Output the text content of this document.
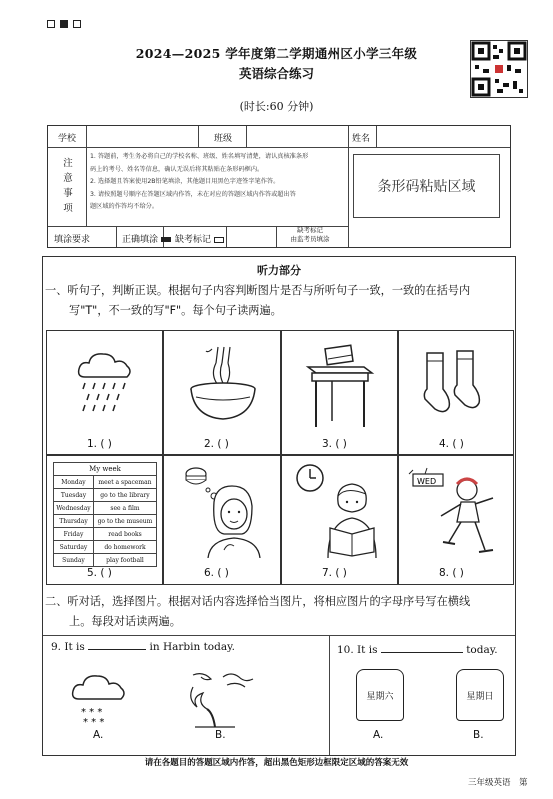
2024—2025 学年度第二学期通州区小学三年级
英语综合练习
(时长:60 分钟)
学校	班级	姓名
注
意
事
项
1. 答题前，考生务必将自己的学校名称、班级、姓名填写清楚，请认真核准条形
码上的考号、姓名等信息，确认无误后将其粘贴在条形码框内。
2. 选择题且答案使用2B铅笔填涂，其他题目用黑色字迹签字笔作答。
3. 请按照题号顺序在答题区域内作答，未在对应的答题区域内作答或超出答
题区域的作答均不给分。
条形码粘贴区域
填涂要求	正确填涂	缺考标记
缺考标记
由监考员填涂
听力部分
一、听句子，判断正误。根据句子内容判断图片是否与所听句子一致，一致的在括号内
写"T"，不一致的写"F"。每个句子读两遍。
1. ( )	2. ( )	3. ( )	4. ( )
My week	
Monday	meet a spaceman
Tuesday	go to the library
Wednesday	see a film
Thursday	go to the museum
Friday	read books
Saturday	do homework
Sunday	play football
5. ( )	6. ( )	7. ( )
WED
8. ( )
二、听对话，选择图片。根据对话内容选择恰当图片，将相应图片的字母序号写在横线
上。每段对话读两遍。
9. It is	in Harbin today.
* * *
* * *
A.	B.
10. It is	today.
星期六
A.
星期日
B.
请在各题目的答题区域内作答，超出黑色矩形边框限定区域的答案无效
三年级英语　第
